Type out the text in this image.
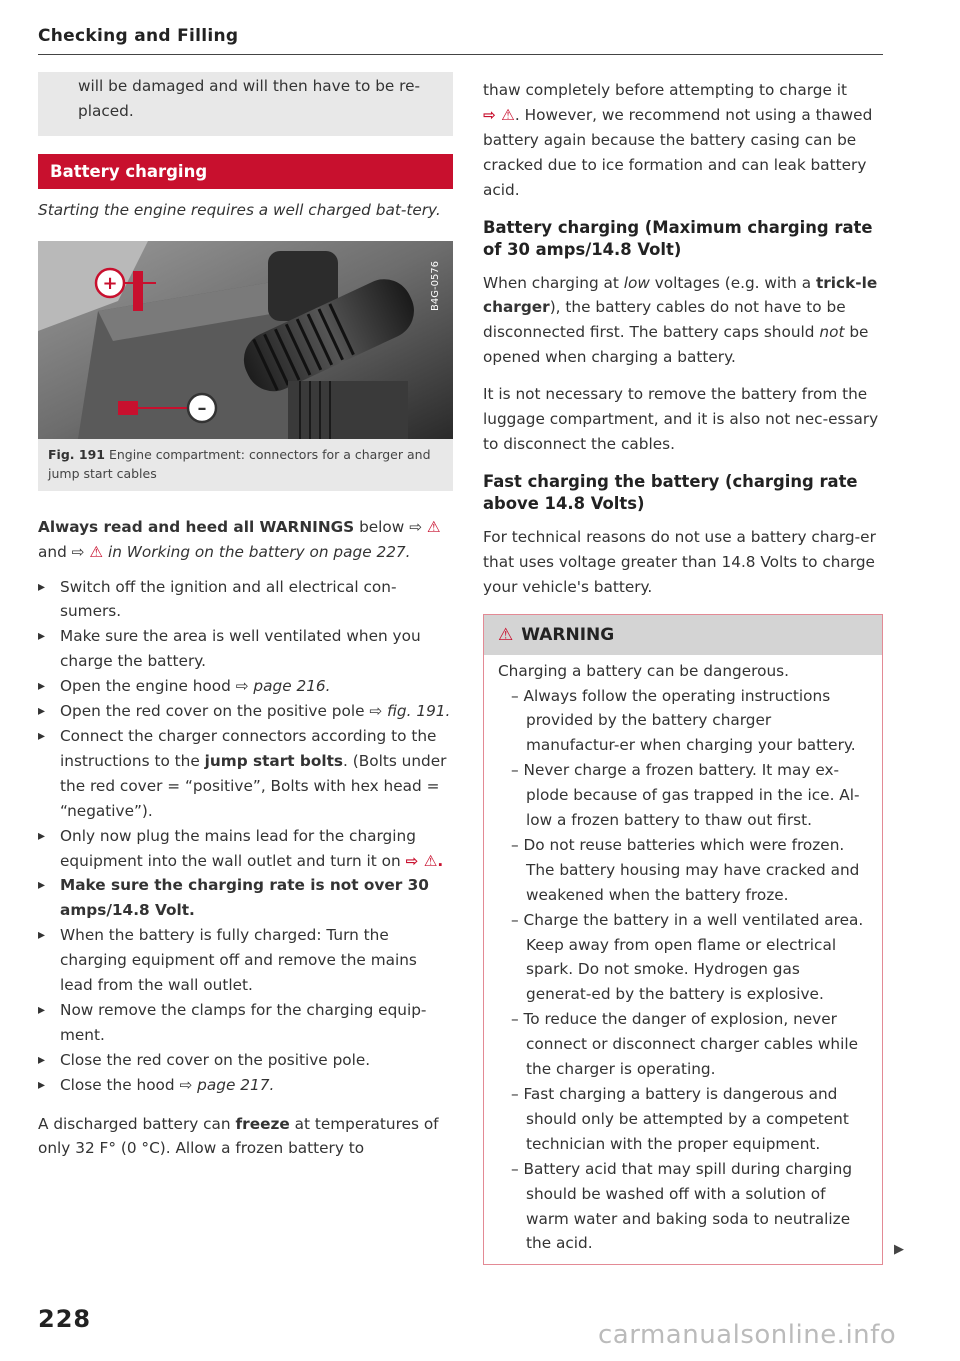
Checking and Filling

will be damaged and will then have to be re-

placed.

Battery charging

Starting the engine requires a well charged bat-tery.

+
–
B4G-0576
Fig. 191 Engine compartment: connectors for a charger and jump start cables

Always read and heed all WARNINGS below ⇨ ⚠ and ⇨ ⚠ in Working on the battery on page 227.

▸ Switch off the ignition and all electrical con-sumers.
▸ Make sure the area is well ventilated when you charge the battery.
▸ Open the engine hood ⇨ page 216.
▸ Open the red cover on the positive pole ⇨ fig. 191.
▸ Connect the charger connectors according to the instructions to the jump start bolts. (Bolts under the red cover = “positive”, Bolts with hex head = “negative”).
▸ Only now plug the mains lead for the charging equipment into the wall outlet and turn it on ⇨ ⚠.
▸ Make sure the charging rate is not over 30 amps/14.8 Volt.
▸ When the battery is fully charged: Turn the charging equipment off and remove the mains lead from the wall outlet.
▸ Now remove the clamps for the charging equip-ment.
▸ Close the red cover on the positive pole.
▸ Close the hood ⇨ page 217.

A discharged battery can freeze at temperatures of only 32 F° (0 °C). Allow a frozen battery to

thaw completely before attempting to charge it ⇨ ⚠. However, we recommend not using a thawed battery again because the battery casing can be cracked due to ice formation and can leak battery acid.

Battery charging (Maximum charging rate of 30 amps/14.8 Volt)

When charging at low voltages (e.g. with a trick-le charger), the battery cables do not have to be disconnected first. The battery caps should not be opened when charging a battery.

It is not necessary to remove the battery from the luggage compartment, and it is also not nec-essary to disconnect the cables.

Fast charging the battery (charging rate above 14.8 Volts)

For technical reasons do not use a battery charg-er that uses voltage greater than 14.8 Volts to charge your vehicle's battery.

⚠ WARNING

Charging a battery can be dangerous.

– Always follow the operating instructions provided by the battery charger manufactur-er when charging your battery.
– Never charge a frozen battery. It may ex-plode because of gas trapped in the ice. Al-low a frozen battery to thaw out first.
– Do not reuse batteries which were frozen. The battery housing may have cracked and weakened when the battery froze.
– Charge the battery in a well ventilated area. Keep away from open flame or electrical spark. Do not smoke. Hydrogen gas generat-ed by the battery is explosive.
– To reduce the danger of explosion, never connect or disconnect charger cables while the charger is operating.
– Fast charging a battery is dangerous and should only be attempted by a competent technician with the proper equipment.
– Battery acid that may spill during charging should be washed off with a solution of warm water and baking soda to neutralize the acid.	▶
228
carmanualsonline.info
